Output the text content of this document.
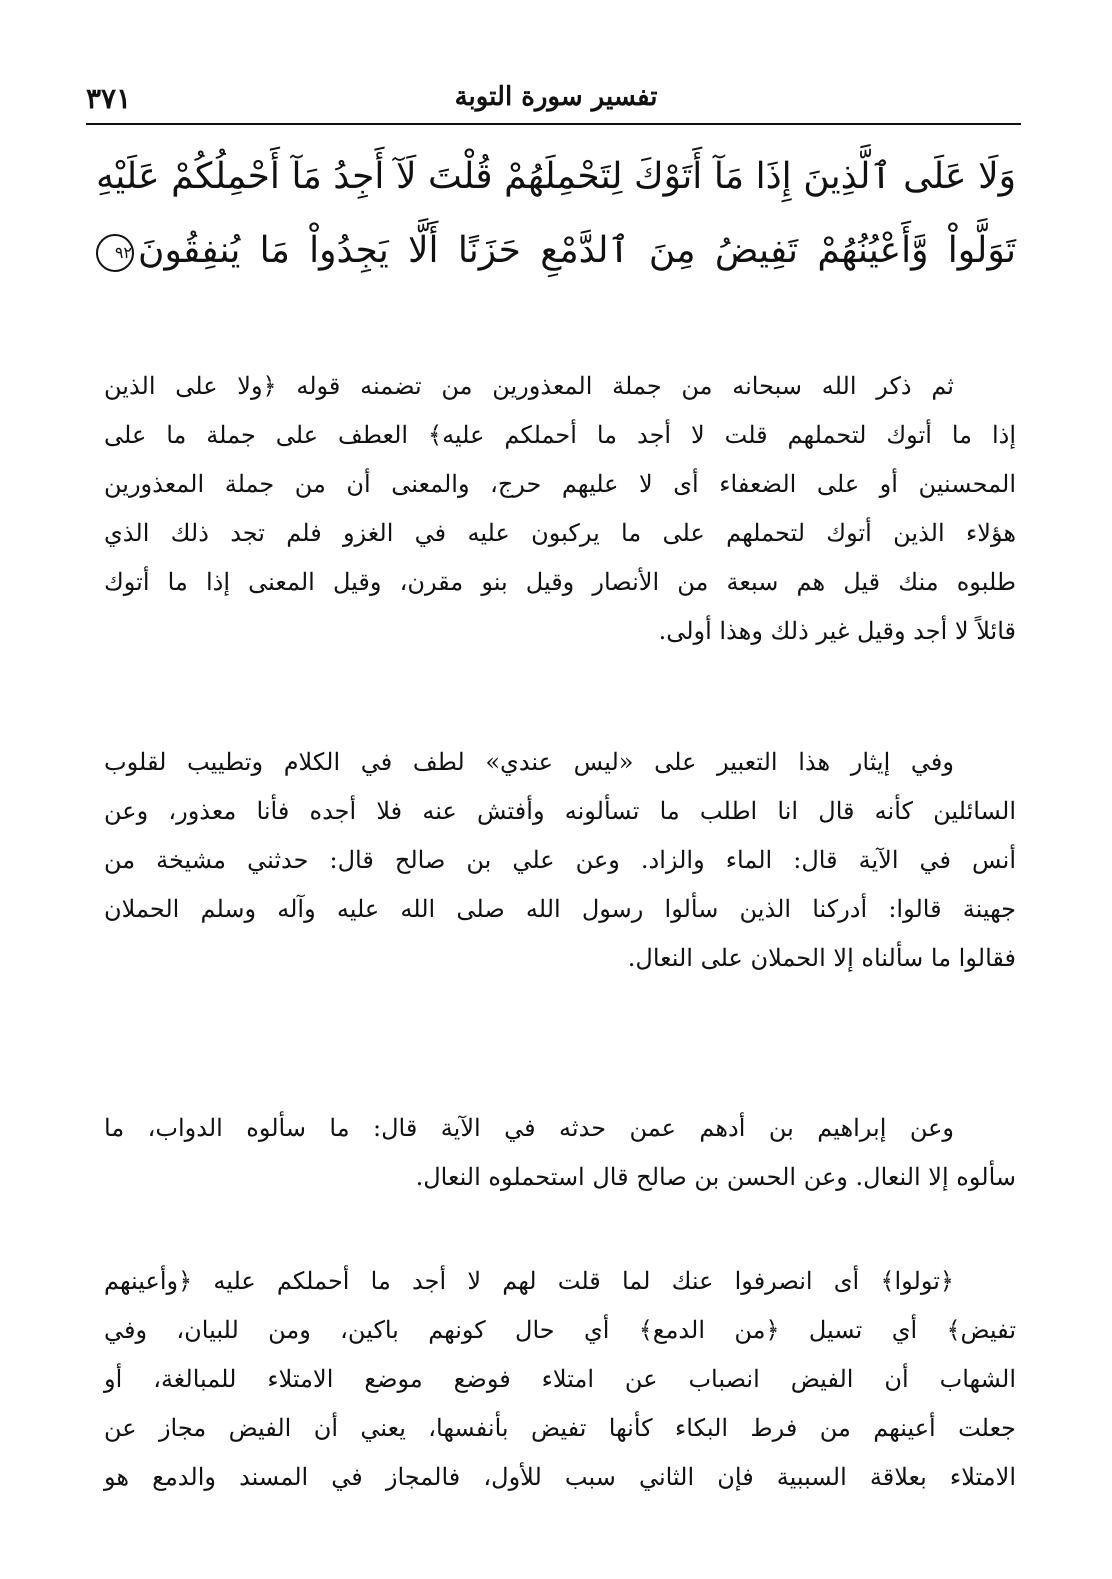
٣٧١	تفسير سورة التوبة
وَلَا عَلَى ٱلَّذِينَ إِذَا مَآ أَتَوْكَ لِتَحْمِلَهُمْ قُلْتَ لَآ أَجِدُ مَآ أَحْمِلُكُمْ عَلَيْهِ
تَوَلَّواْ وَّأَعْيُنُهُمْ تَفِيضُ مِنَ ٱلدَّمْعِ حَزَنًا أَلَّا يَجِدُواْ مَا يُنفِقُونَ٩٢
ثم ذكر الله سبحانه من جملة المعذورين من تضمنه قوله ﴿ولا على الذين
إذا ما أتوك لتحملهم قلت لا أجد ما أحملكم عليه﴾ العطف على جملة ما على
المحسنين أو على الضعفاء أى لا عليهم حرج، والمعنى أن من جملة المعذورين
هؤلاء الذين أتوك لتحملهم على ما يركبون عليه في الغزو فلم تجد ذلك الذي
طلبوه منك قيل هم سبعة من الأنصار وقيل بنو مقرن، وقيل المعنى إذا ما أتوك
قائلاً لا أجد وقيل غير ذلك وهذا أولى.
وفي إيثار هذا التعبير على «ليس عندي» لطف في الكلام وتطييب لقلوب
السائلين كأنه قال انا اطلب ما تسألونه وأفتش عنه فلا أجده فأنا معذور، وعن
أنس في الآية قال: الماء والزاد. وعن علي بن صالح قال: حدثني مشيخة من
جهينة قالوا: أدركنا الذين سألوا رسول الله صلى الله عليه وآله وسلم الحملان
فقالوا ما سألناه إلا الحملان على النعال.
وعن إبراهيم بن أدهم عمن حدثه في الآية قال: ما سألوه الدواب، ما
سألوه إلا النعال. وعن الحسن بن صالح قال استحملوه النعال.
﴿تولوا﴾ أى انصرفوا عنك لما قلت لهم لا أجد ما أحملكم عليه ﴿وأعينهم
تفيض﴾ أي تسيل ﴿من الدمع﴾ أي حال كونهم باكين، ومن للبيان، وفي
الشهاب أن الفيض انصباب عن امتلاء فوضع موضع الامتلاء للمبالغة، أو
جعلت أعينهم من فرط البكاء كأنها تفيض بأنفسها، يعني أن الفيض مجاز عن
الامتلاء بعلاقة السببية فإن الثاني سبب للأول، فالمجاز في المسند والدمع هو
